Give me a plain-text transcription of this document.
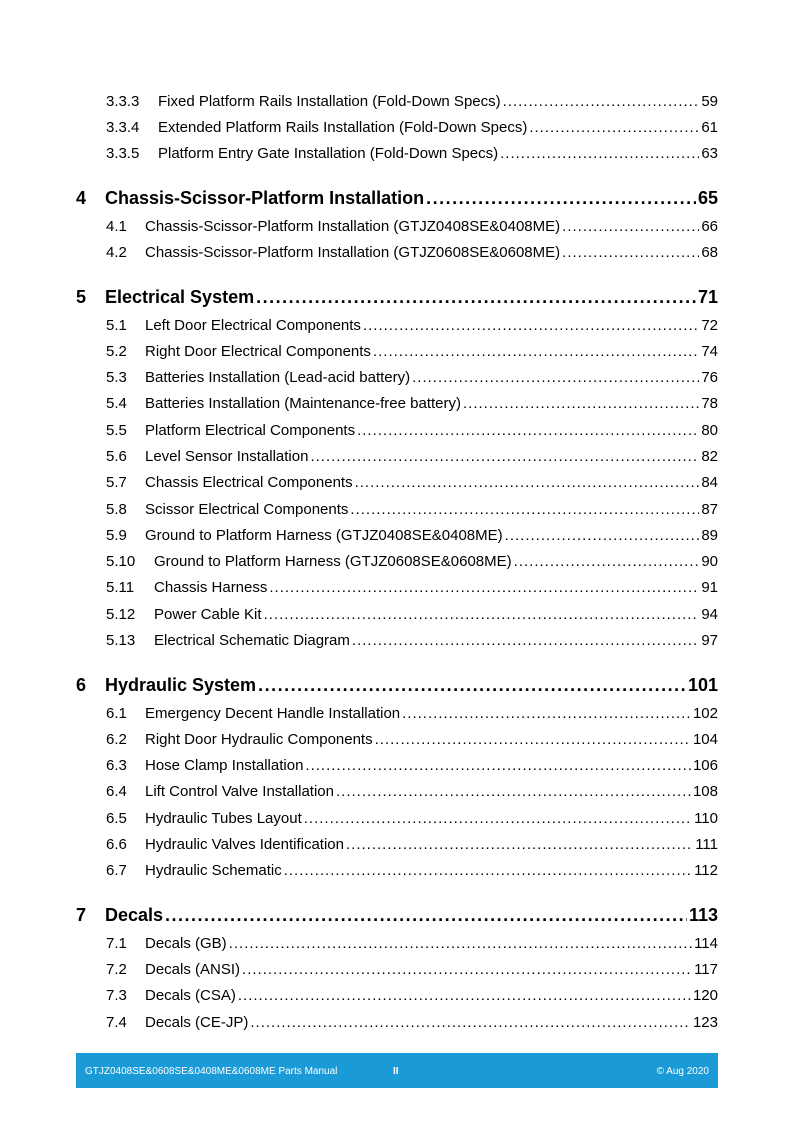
3.3.3	Fixed Platform Rails Installation (Fold-Down Specs) .....	59
3.3.4	Extended Platform Rails Installation (Fold-Down Specs) .....	61
3.3.5	Platform Entry Gate Installation (Fold-Down Specs) .....	63
4	Chassis-Scissor-Platform Installation .....	65
4.1	Chassis-Scissor-Platform Installation (GTJZ0408SE&0408ME) .....	66
4.2	Chassis-Scissor-Platform Installation (GTJZ0608SE&0608ME) .....	68
5	Electrical System .....	71
5.1	Left Door Electrical Components .....	72
5.2	Right Door Electrical Components .....	74
5.3	Batteries Installation (Lead-acid battery) .....	76
5.4	Batteries Installation (Maintenance-free battery) .....	78
5.5	Platform Electrical Components .....	80
5.6	Level Sensor Installation .....	82
5.7	Chassis Electrical Components .....	84
5.8	Scissor Electrical Components .....	87
5.9	Ground to Platform Harness (GTJZ0408SE&0408ME) .....	89
5.10	Ground to Platform Harness (GTJZ0608SE&0608ME) .....	90
5.11	Chassis Harness .....	91
5.12	Power Cable Kit .....	94
5.13	Electrical Schematic Diagram .....	97
6	Hydraulic System .....	101
6.1	Emergency Decent Handle Installation .....	102
6.2	Right Door Hydraulic Components .....	104
6.3	Hose Clamp Installation .....	106
6.4	Lift Control Valve Installation .....	108
6.5	Hydraulic Tubes Layout .....	110
6.6	Hydraulic Valves Identification .....	111
6.7	Hydraulic Schematic .....	112
7	Decals .....	113
7.1	Decals (GB) .....	114
7.2	Decals (ANSI) .....	117
7.3	Decals (CSA) .....	120
7.4	Decals (CE-JP) .....	123
GTJZ0408SE&0608SE&0408ME&0608ME Parts Manual	II	© Aug 2020
